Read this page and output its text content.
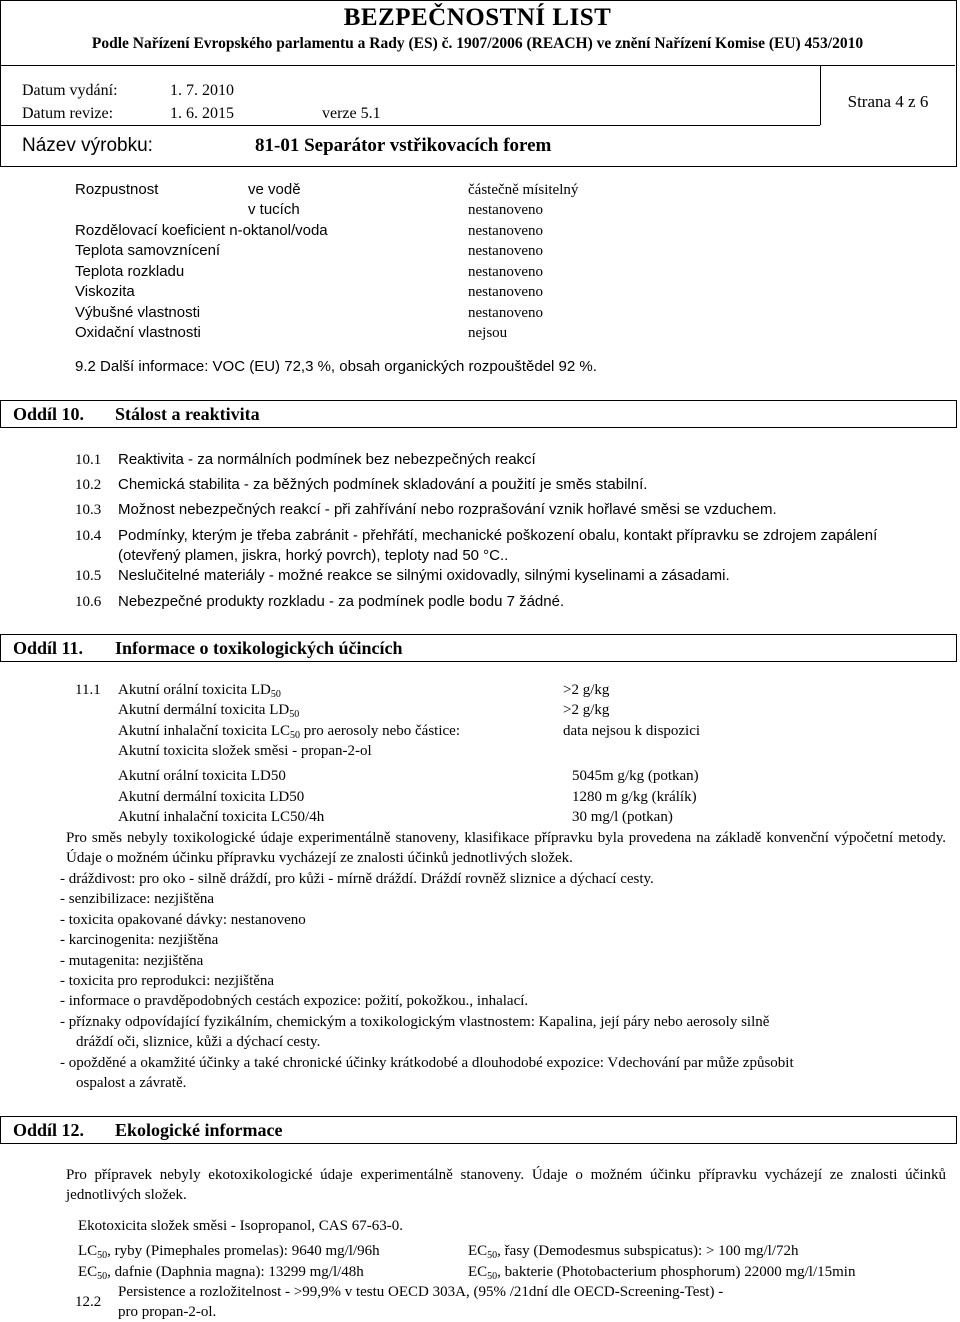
BEZPEČNOSTNÍ LIST
Podle Nařízení Evropského parlamentu a Rady (ES) č. 1907/2006 (REACH) ve znění Nařízení Komise (EU) 453/2010
Datum vydání:	1. 7. 2010
Datum revize:	1. 6. 2015	verze 5.1
Strana 4 z 6
Název výrobku:	81-01 Separátor vstřikovacích forem
Rozpustnost	ve vodě	částečně mísitelný
v tucích	nestanoveno
Rozdělovací koeficient n-oktanol/voda	nestanoveno
Teplota samovznícení	nestanoveno
Teplota rozkladu	nestanoveno
Viskozita	nestanoveno
Výbušné vlastnosti	nestanoveno
Oxidační vlastnosti	nejsou
9.2 Další informace: VOC (EU) 72,3 %, obsah organických rozpouštědel 92 %.
Oddíl 10. Stálost a reaktivita
10.1 Reaktivita - za normálních podmínek bez nebezpečných reakcí
10.2 Chemická stabilita - za běžných podmínek skladování a použití je směs stabilní.
10.3 Možnost nebezpečných reakcí - při zahřívání nebo rozprašování vznik hořlavé směsi se vzduchem.
10.4 Podmínky, kterým je třeba zabránit - přehřátí, mechanické poškození obalu, kontakt přípravku se zdrojem zapálení (otevřený plamen, jiskra, horký povrch), teploty nad 50 °C..
10.5 Neslučitelné materiály - možné reakce se silnými oxidovadly, silnými kyselinami a zásadami.
10.6 Nebezpečné produkty rozkladu - za podmínek podle bodu 7 žádné.
Oddíl 11. Informace o toxikologických účincích
11.1 Akutní orální toxicita $LD_{50}$	>2 g/kg
Akutní dermální toxicita $LD_{50}$	>2 g/kg
Akutní inhalační toxicita $LC_{50}$ pro aerosoly nebo částice:	data nejsou k dispozici
Akutní toxicita složek směsi - propan-2-ol
Akutní orální toxicita LD50	5045m g/kg (potkan)
Akutní dermální toxicita LD50	1280 m g/kg (králík)
Akutní inhalační toxicita LC50/4h	30 mg/l (potkan)
Pro směs nebyly toxikologické údaje experimentálně stanoveny, klasifikace přípravku byla provedena na základě konvenční výpočetní metody. Údaje o možném účinku přípravku vycházejí ze znalosti účinků jednotlivých složek.
- dráždivost: pro oko - silně dráždí, pro kůži - mírně dráždí. Dráždí rovněž sliznice a dýchací cesty.
- senzibilizace: nezjištěna
- toxicita opakované dávky: nestanoveno
- karcinogenita: nezjištěna
- mutagenita: nezjištěna
- toxicita pro reprodukci: nezjištěna
- informace o pravděpodobných cestách expozice: požití, pokožkou., inhalací.
- příznaky odpovídající fyzikálním, chemickým a toxikologickým vlastnostem: Kapalina, její páry nebo aerosoly silně
dráždí oči, sliznice, kůži a dýchací cesty.
- opožděné a okamžité účinky a také chronické účinky krátkodobé a dlouhodobé expozice: Vdechování par může způsobit
ospalost a závratě.
Oddíl 12. Ekologické informace
Pro přípravek nebyly ekotoxikologické údaje experimentálně stanoveny. Údaje o možném účinku přípravku vycházejí ze znalosti účinků jednotlivých složek.
Ekotoxicita složek směsi - Isopropanol, CAS 67-63-0.
$LC_{50}$, ryby (Pimephales promelas): 9640 mg/l/96h	$EC_{50}$, řasy (Demodesmus subspicatus): > 100 mg/l/72h
$EC_{50}$, dafnie (Daphnia magna): 13299 mg/l/48h	$EC_{50}$, bakterie (Photobacterium phosphorum) 22000 mg/l/15min
12.2
Persistence a rozložitelnost - >99,9% v testu OECD 303A, (95% /21dní dle OECD-Screening-Test) -
pro propan-2-ol.
